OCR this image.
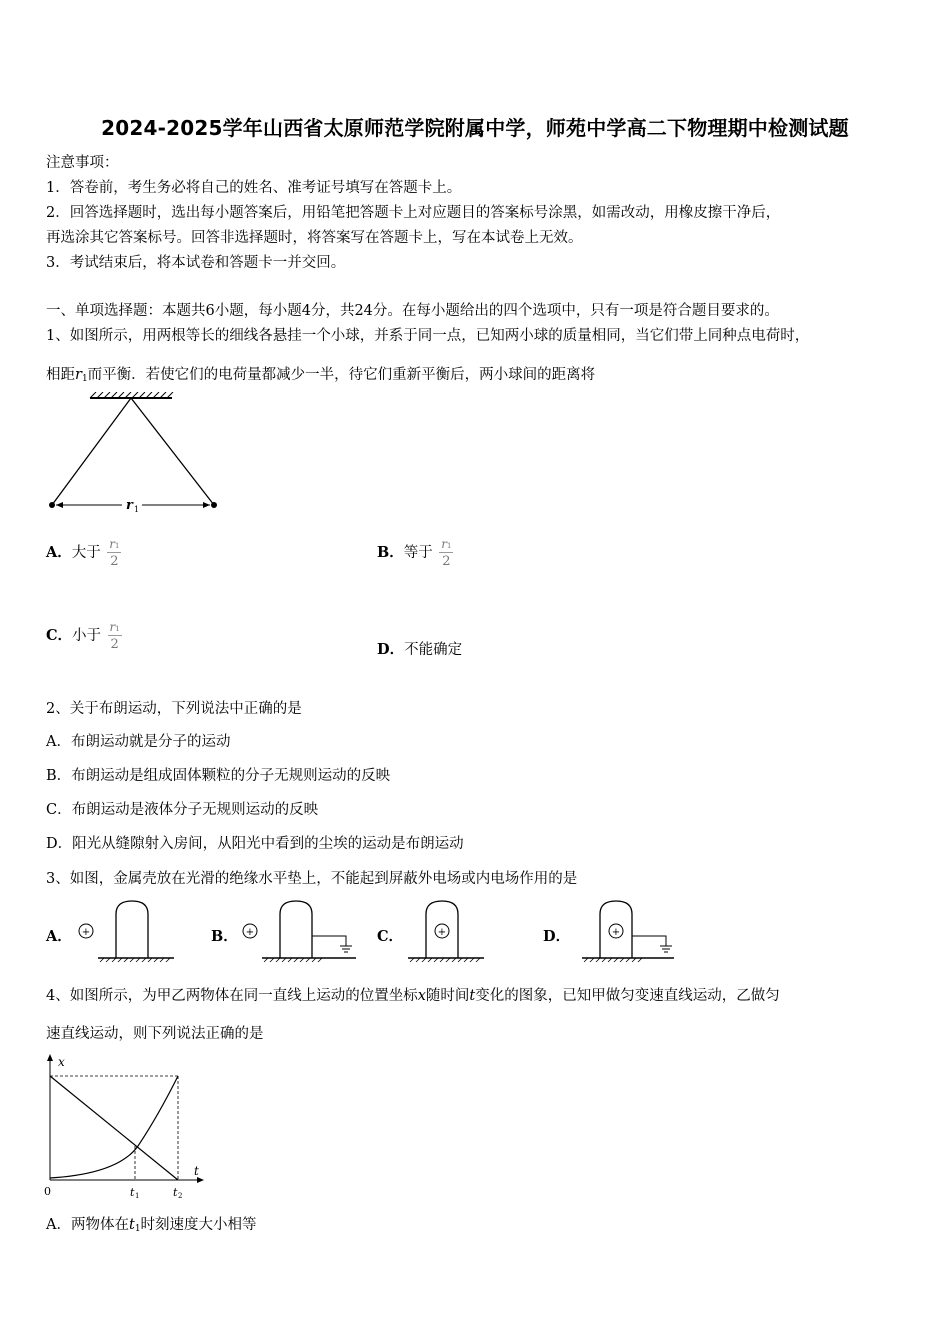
2024-2025学年山西省太原师范学院附属中学，师苑中学高二下物理期中检测试题
注意事项：
1．答卷前，考生务必将自己的姓名、准考证号填写在答题卡上。
2．回答选择题时，选出每小题答案后，用铅笔把答题卡上对应题目的答案标号涂黑，如需改动，用橡皮擦干净后，
再选涂其它答案标号。回答非选择题时，将答案写在答题卡上，写在本试卷上无效。
3．考试结束后，将本试卷和答题卡一并交回。
一、单项选择题：本题共6小题，每小题4分，共24分。在每小题给出的四个选项中，只有一项是符合题目要求的。
1、如图所示，用两根等长的细线各悬挂一个小球，并系于同一点，已知两小球的质量相同，当它们带上同种点电荷时，
相距$r_1$而平衡．若使它们的电荷量都减少一半，待它们重新平衡后，两小球间的距离将
r 1
A．大于 $\frac{r1}{2}$	B．等于 $\frac{r1}{2}$
C．小于 $\frac{r1}{2}$	D．不能确定
2、关于布朗运动，下列说法中正确的是
A．布朗运动就是分子的运动
B．布朗运动是组成固体颗粒的分子无规则运动的反映
C．布朗运动是液体分子无规则运动的反映
D．阳光从缝隙射入房间，从阳光中看到的尘埃的运动是布朗运动
3、如图，金属壳放在光滑的绝缘水平垫上，不能起到屏蔽外电场或内电场作用的是
A． +	B． +	C．	+	D．	+
4、如图所示，为甲乙两物体在同一直线上运动的位置坐标x随时间t变化的图象，已知甲做匀变速直线运动，乙做匀
速直线运动，则下列说法正确的是
x
t
0	t 1	t 2
A．两物体在$t_1$时刻速度大小相等
